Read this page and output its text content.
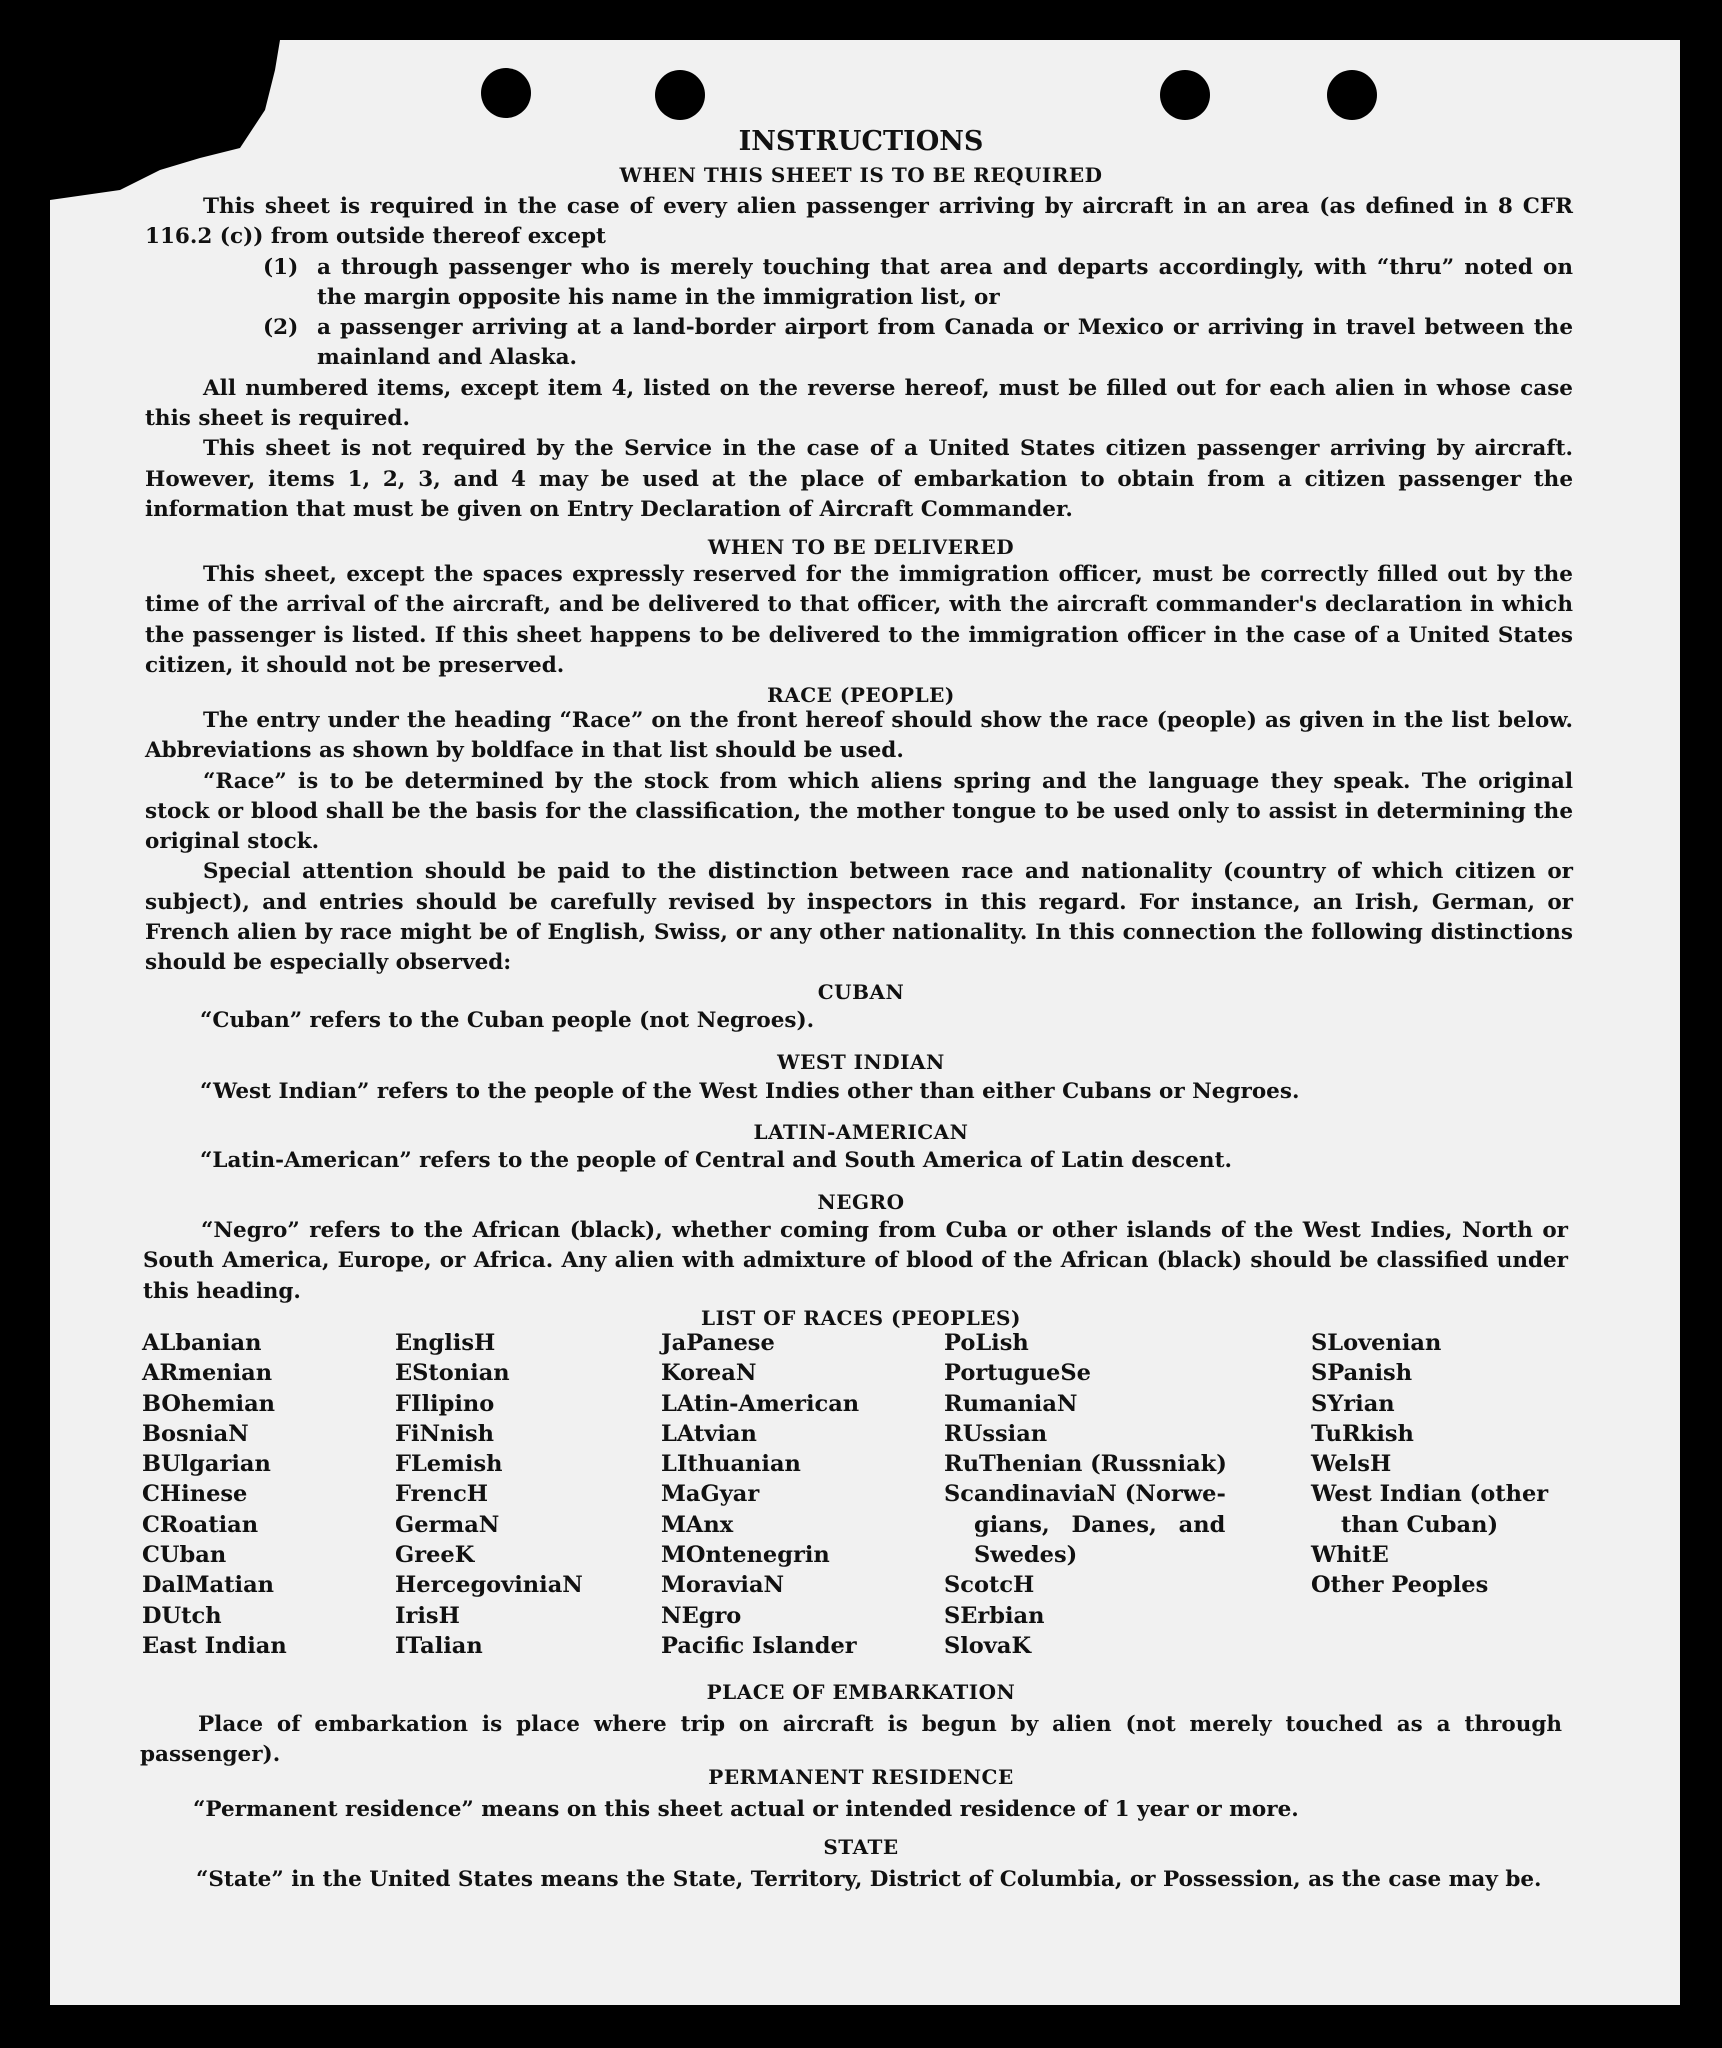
INSTRUCTIONS
WHEN THIS SHEET IS TO BE REQUIRED

This sheet is required in the case of every alien passenger arriving by aircraft in an area (as defined in 8 CFR 116.2 (c)) from outside thereof except

(1) a through passenger who is merely touching that area and departs accordingly, with “thru” noted on the margin opposite his name in the immigration list, or
(2) a passenger arriving at a land-border airport from Canada or Mexico or arriving in travel between the mainland and Alaska.

All numbered items, except item 4, listed on the reverse hereof, must be filled out for each alien in whose case this sheet is required.

This sheet is not required by the Service in the case of a United States citizen passenger arriving by aircraft. However, items 1, 2, 3, and 4 may be used at the place of embarkation to obtain from a citizen passenger the information that must be given on Entry Declaration of Aircraft Commander.

WHEN TO BE DELIVERED

This sheet, except the spaces expressly reserved for the immigration officer, must be correctly filled out by the time of the arrival of the aircraft, and be delivered to that officer, with the aircraft commander's declaration in which the passenger is listed. If this sheet happens to be delivered to the immigration officer in the case of a United States citizen, it should not be preserved.

RACE (PEOPLE)

The entry under the heading “Race” on the front hereof should show the race (people) as given in the list below. Abbreviations as shown by boldface in that list should be used.

“Race” is to be determined by the stock from which aliens spring and the language they speak. The original stock or blood shall be the basis for the classification, the mother tongue to be used only to assist in determining the original stock.

Special attention should be paid to the distinction between race and nationality (country of which citizen or subject), and entries should be carefully revised by inspectors in this regard. For instance, an Irish, German, or French alien by race might be of English, Swiss, or any other nationality. In this connection the following distinctions should be especially observed:

CUBAN
“Cuban” refers to the Cuban people (not Negroes).
WEST INDIAN
“West Indian” refers to the people of the West Indies other than either Cubans or Negroes.
LATIN-AMERICAN
“Latin-American” refers to the people of Central and South America of Latin descent.
NEGRO

“Negro” refers to the African (black), whether coming from Cuba or other islands of the West Indies, North or South America, Europe, or Africa. Any alien with admixture of blood of the African (black) should be classified under this heading.

LIST OF RACES (PEOPLES)
ALbanian
ARmenian
BOhemian
BosniaN
BUlgarian
CHinese
CRoatian
CUban
DalMatian
DUtch
East Indian
EnglisH
EStonian
FIlipino
FiNnish
FLemish
FrencH
GermaN
GreeK
HercegoviniaN
IrisH
ITalian
JaPanese
KoreaN
LAtin-American
LAtvian
LIthuanian
MaGyar
MAnx
MOntenegrin
MoraviaN
NEgro
Pacific Islander
PoLish
PortugueSe
RumaniaN
RUssian
RuThenian (Russniak)
ScandinaviaN (Norwe-
gians, Danes, and
Swedes)
ScotcH
SErbian
SlovaK
SLovenian
SPanish
SYrian
TuRkish
WelsH
West Indian (other
than Cuban)
WhitE
Other Peoples
PLACE OF EMBARKATION

Place of embarkation is place where trip on aircraft is begun by alien (not merely touched as a through passenger).

PERMANENT RESIDENCE
“Permanent residence” means on this sheet actual or intended residence of 1 year or more.
STATE

“State” in the United States means the State, Territory, District of Columbia, or Possession, as the case may be.
